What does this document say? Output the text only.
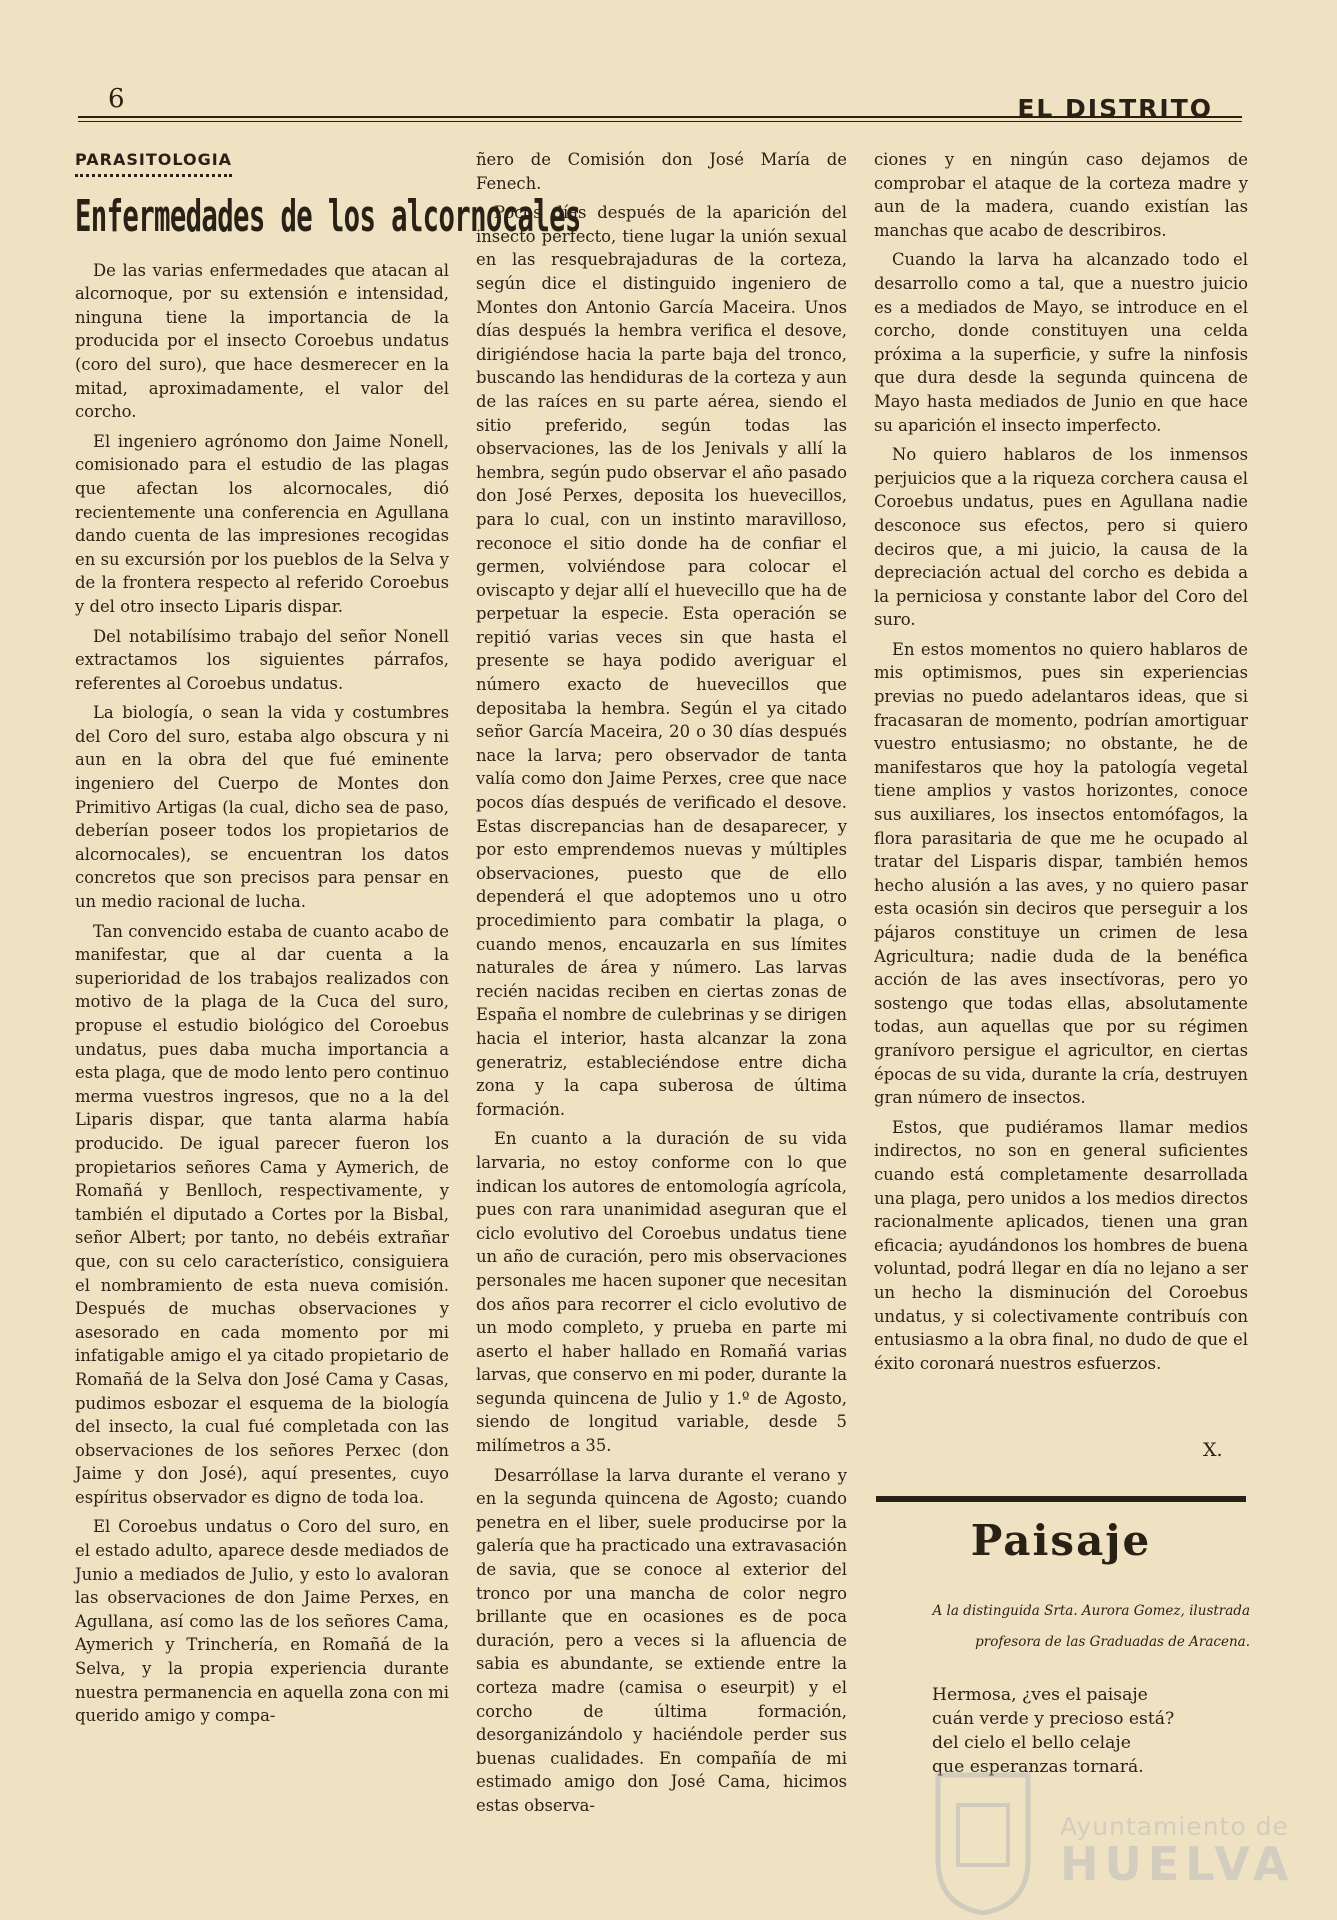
6	EL DISTRITO
PARASITOLOGIA
Enfermedades de los alcornocales

De las varias enfermedades que atacan al alcornoque, por su extensión e intensidad, ninguna tiene la importancia de la producida por el insecto Coroebus undatus (coro del suro), que hace desmerecer en la mitad, aproximadamente, el valor del corcho.

El ingeniero agrónomo don Jaime Nonell, comisionado para el estudio de las plagas que afectan los alcornocales, dió recientemente una conferencia en Agullana dando cuenta de las impresiones recogidas en su excursión por los pueblos de la Selva y de la frontera respecto al referido Coroebus y del otro insecto Liparis dispar.

Del notabilísimo trabajo del señor Nonell extractamos los siguientes párrafos, referentes al Coroebus undatus.

La biología, o sean la vida y costumbres del Coro del suro, estaba algo obscura y ni aun en la obra del que fué eminente ingeniero del Cuerpo de Montes don Primitivo Artigas (la cual, dicho sea de paso, deberían poseer todos los propietarios de alcornocales), se encuentran los datos concretos que son precisos para pensar en un medio racional de lucha.

Tan convencido estaba de cuanto acabo de manifestar, que al dar cuenta a la superioridad de los trabajos realizados con motivo de la plaga de la Cuca del suro, propuse el estudio biológico del Coroebus undatus, pues daba mucha importancia a esta plaga, que de modo lento pero continuo merma vuestros ingresos, que no a la del Liparis dispar, que tanta alarma había producido. De igual parecer fueron los propietarios señores Cama y Aymerich, de Romañá y Benlloch, respectivamente, y también el diputado a Cortes por la Bisbal, señor Albert; por tanto, no debéis extrañar que, con su celo característico, consiguiera el nombramiento de esta nueva comisión. Después de muchas observaciones y asesorado en cada momento por mi infatigable amigo el ya citado propietario de Romañá de la Selva don José Cama y Casas, pudimos esbozar el esquema de la biología del insecto, la cual fué completada con las observaciones de los señores Perxec (don Jaime y don José), aquí presentes, cuyo espíritus observador es digno de toda loa.

El Coroebus undatus o Coro del suro, en el estado adulto, aparece desde mediados de Junio a mediados de Julio, y esto lo avaloran las observaciones de don Jaime Perxes, en Agullana, así como las de los señores Cama, Aymerich y Trinchería, en Romañá de la Selva, y la propia experiencia durante nuestra permanencia en aquella zona con mi querido amigo y compa-

ñero de Comisión don José María de Fenech.

Pocos días después de la aparición del insecto perfecto, tiene lugar la unión sexual en las resquebrajaduras de la corteza, según dice el distinguido ingeniero de Montes don Antonio García Maceira. Unos días después la hembra verifica el desove, dirigiéndose hacia la parte baja del tronco, buscando las hendiduras de la corteza y aun de las raíces en su parte aérea, siendo el sitio preferido, según todas las observaciones, las de los Jenivals y allí la hembra, según pudo observar el año pasado don José Perxes, deposita los huevecillos, para lo cual, con un instinto maravilloso, reconoce el sitio donde ha de confiar el germen, volviéndose para colocar el oviscapto y dejar allí el huevecillo que ha de perpetuar la especie. Esta operación se repitió varias veces sin que hasta el presente se haya podido averiguar el número exacto de huevecillos que depositaba la hembra. Según el ya citado señor García Maceira, 20 o 30 días después nace la larva; pero observador de tanta valía como don Jaime Perxes, cree que nace pocos días después de verificado el desove. Estas discrepancias han de desaparecer, y por esto emprendemos nuevas y múltiples observaciones, puesto que de ello dependerá el que adoptemos uno u otro procedimiento para combatir la plaga, o cuando menos, encauzarla en sus límites naturales de área y número. Las larvas recién nacidas reciben en ciertas zonas de España el nombre de culebrinas y se dirigen hacia el interior, hasta alcanzar la zona generatriz, estableciéndose entre dicha zona y la capa suberosa de última formación.

En cuanto a la duración de su vida larvaria, no estoy conforme con lo que indican los autores de entomología agrícola, pues con rara unanimidad aseguran que el ciclo evolutivo del Coroebus undatus tiene un año de curación, pero mis observaciones personales me hacen suponer que necesitan dos años para recorrer el ciclo evolutivo de un modo completo, y prueba en parte mi aserto el haber hallado en Romañá varias larvas, que conservo en mi poder, durante la segunda quincena de Julio y 1.º de Agosto, siendo de longitud variable, desde 5 milímetros a 35.

Desarróllase la larva durante el verano y en la segunda quincena de Agosto; cuando penetra en el liber, suele producirse por la galería que ha practicado una extravasación de savia, que se conoce al exterior del tronco por una mancha de color negro brillante que en ocasiones es de poca duración, pero a veces si la afluencia de sabia es abundante, se extiende entre la corteza madre (camisa o eseurpit) y el corcho de última formación, desorganizándolo y haciéndole perder sus buenas cualidades. En compañía de mi estimado amigo don José Cama, hicimos estas observa-

ciones y en ningún caso dejamos de comprobar el ataque de la corteza madre y aun de la madera, cuando existían las manchas que acabo de describiros.

Cuando la larva ha alcanzado todo el desarrollo como a tal, que a nuestro juicio es a mediados de Mayo, se introduce en el corcho, donde constituyen una celda próxima a la superficie, y sufre la ninfosis que dura desde la segunda quincena de Mayo hasta mediados de Junio en que hace su aparición el insecto imperfecto.

No quiero hablaros de los inmensos perjuicios que a la riqueza corchera causa el Coroebus undatus, pues en Agullana nadie desconoce sus efectos, pero si quiero deciros que, a mi juicio, la causa de la depreciación actual del corcho es debida a la perniciosa y constante labor del Coro del suro.

En estos momentos no quiero hablaros de mis optimismos, pues sin experiencias previas no puedo adelantaros ideas, que si fracasaran de momento, podrían amortiguar vuestro entusiasmo; no obstante, he de manifestaros que hoy la patología vegetal tiene amplios y vastos horizontes, conoce sus auxiliares, los insectos entomófagos, la flora parasitaria de que me he ocupado al tratar del Lisparis dispar, también hemos hecho alusión a las aves, y no quiero pasar esta ocasión sin deciros que perseguir a los pájaros constituye un crimen de lesa Agricultura; nadie duda de la benéfica acción de las aves insectívoras, pero yo sostengo que todas ellas, absolutamente todas, aun aquellas que por su régimen granívoro persigue el agricultor, en ciertas épocas de su vida, durante la cría, destruyen gran número de insectos.

Estos, que pudiéramos llamar medios indirectos, no son en general suficientes cuando está completamente desarrollada una plaga, pero unidos a los medios directos racionalmente aplicados, tienen una gran eficacia; ayudándonos los hombres de buena voluntad, podrá llegar en día no lejano a ser un hecho la disminución del Coroebus undatus, y si colectivamente contribuís con entusiasmo a la obra final, no dudo de que el éxito coronará nuestros esfuerzos.

X.
Paisaje
A la distinguida Srta. Aurora Gomez, ilustrada profesora de las Graduadas de Aracena.
Hermosa, ¿ves el paisaje
cuán verde y precioso está?
del cielo el bello celaje
que esperanzas tornará.
Ayuntamiento de
HUELVA
